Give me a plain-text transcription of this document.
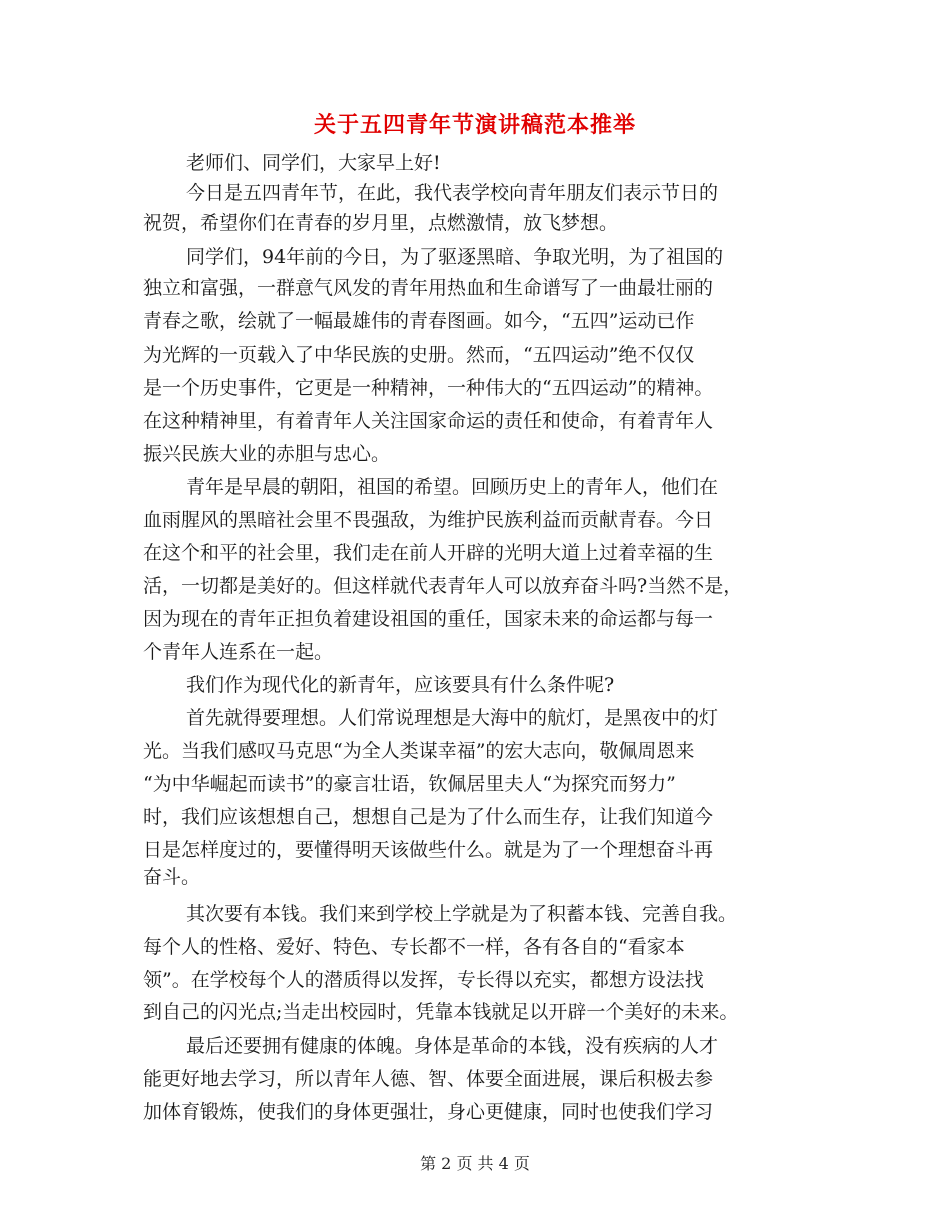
关于五四青年节演讲稿范本推举
老师们、同学们，大家早上好!
今日是五四青年节，在此，我代表学校向青年朋友们表示节日的
祝贺，希望你们在青春的岁月里，点燃激情，放飞梦想。
同学们，94年前的今日，为了驱逐黑暗、争取光明，为了祖国的
独立和富强，一群意气风发的青年用热血和生命谱写了一曲最壮丽的
青春之歌，绘就了一幅最雄伟的青春图画。如今，“五四”运动已作
为光辉的一页载入了中华民族的史册。然而，“五四运动”绝不仅仅
是一个历史事件，它更是一种精神，一种伟大的“五四运动”的精神。
在这种精神里，有着青年人关注国家命运的责任和使命，有着青年人
振兴民族大业的赤胆与忠心。
青年是早晨的朝阳，祖国的希望。回顾历史上的青年人，他们在
血雨腥风的黑暗社会里不畏强敌，为维护民族利益而贡献青春。今日
在这个和平的社会里，我们走在前人开辟的光明大道上过着幸福的生
活，一切都是美好的。但这样就代表青年人可以放弃奋斗吗?当然不是，
因为现在的青年正担负着建设祖国的重任，国家未来的命运都与每一
个青年人连系在一起。
我们作为现代化的新青年，应该要具有什么条件呢?
首先就得要理想。人们常说理想是大海中的航灯，是黑夜中的灯
光。当我们感叹马克思“为全人类谋幸福”的宏大志向，敬佩周恩来
“为中华崛起而读书”的豪言壮语，钦佩居里夫人“为探究而努力”
时，我们应该想想自己，想想自己是为了什么而生存，让我们知道今
日是怎样度过的，要懂得明天该做些什么。就是为了一个理想奋斗再
奋斗。
其次要有本钱。我们来到学校上学就是为了积蓄本钱、完善自我。
每个人的性格、爱好、特色、专长都不一样，各有各自的“看家本
领”。在学校每个人的潜质得以发挥，专长得以充实，都想方设法找
到自己的闪光点;当走出校园时，凭靠本钱就足以开辟一个美好的未来。
最后还要拥有健康的体魄。身体是革命的本钱，没有疾病的人才
能更好地去学习，所以青年人德、智、体要全面进展，课后积极去参
加体育锻炼，使我们的身体更强壮，身心更健康，同时也使我们学习
第 2 页 共 4 页
